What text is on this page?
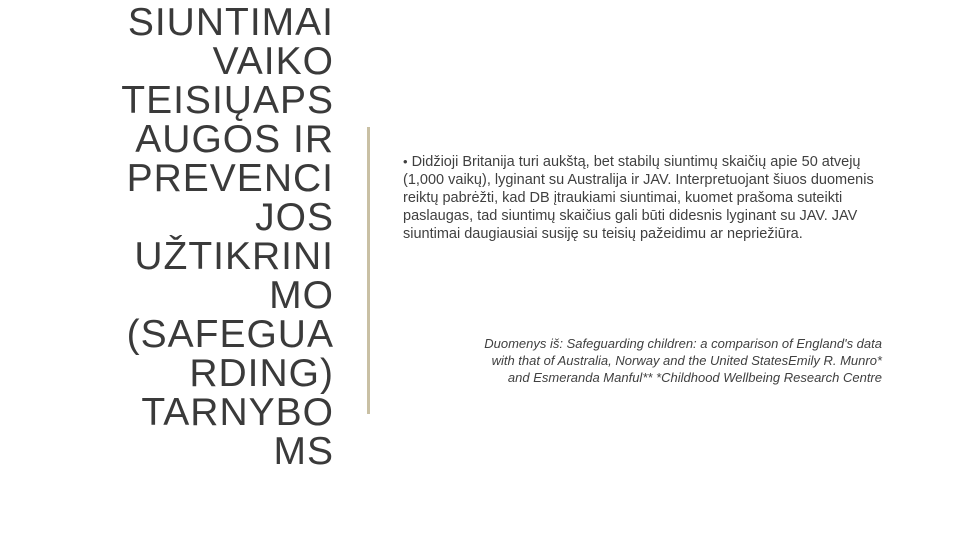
SIUNTIMAI
VAIKO
TEISIŲAPS
AUGOS IR
PREVENCI
JOS
UŽTIKRINI
MO
(SAFEGUA
RDING)
TARNYBO
MS
• Didžioji Britanija turi aukštą, bet stabilų siuntimų skaičių apie 50 atvejų (1,000 vaikų), lyginant su Australija ir JAV. Interpretuojant šiuos duomenis reiktų pabrėžti, kad DB įtraukiami siuntimai, kuomet prašoma suteikti paslaugas, tad siuntimų skaičius gali būti didesnis lyginant su JAV. JAV siuntimai daugiausiai susiję su teisių pažeidimu ar nepriežiūra.
Duomenys iš: Safeguarding children: a comparison of England's data
with that of Australia, Norway and the United StatesEmily R. Munro*
and Esmeranda Manful** *Childhood Wellbeing Research Centre
